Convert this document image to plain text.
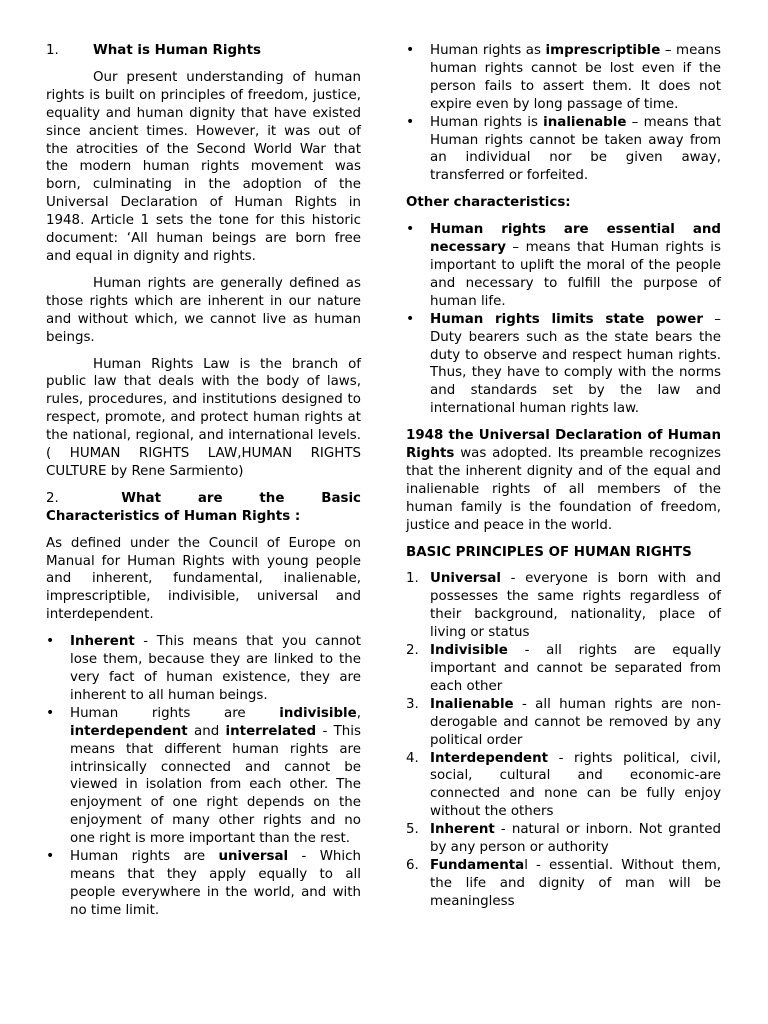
1.	What is Human Rights

Our present understanding of human rights is built on principles of freedom, justice, equality and human dignity that have existed since ancient times. However, it was out of the atrocities of the Second World War that the modern human rights movement was born, culminating in the adoption of the Universal Declaration of Human Rights in 1948. Article 1 sets the tone for this historic document: ‘All human beings are born free and equal in dignity and rights.

Human rights are generally defined as those rights which are inherent in our nature and without which, we cannot live as human beings.

Human Rights Law is the branch of public law that deals with the body of laws, rules, procedures, and institutions designed to respect, promote, and protect human rights at the national, regional, and international levels. ( HUMAN RIGHTS LAW,HUMAN RIGHTS CULTURE by Rene Sarmiento)

2.	What are the Basic
Characteristics of Human Rights :

As defined under the Council of Europe on Manual for Human Rights with young people and inherent, fundamental, inalienable, imprescriptible, indivisible, universal and interdependent.

•	Inherent - This means that you cannot lose them, because they are linked to the very fact of human existence, they are inherent to all human beings.
•	Human rights are indivisible, interdependent and interrelated - This means that different human rights are intrinsically connected and cannot be viewed in isolation from each other. The enjoyment of one right depends on the enjoyment of many other rights and no one right is more important than the rest.
•	Human rights are universal - Which means that they apply equally to all people everywhere in the world, and with no time limit.
•	Human rights as imprescriptible – means human rights cannot be lost even if the person fails to assert them. It does not expire even by long passage of time.
•	Human rights is inalienable – means that Human rights cannot be taken away from an individual nor be given away, transferred or forfeited.
Other characteristics:
•	Human rights are essential and necessary – means that Human rights is important to uplift the moral of the people and necessary to fulfill the purpose of human life.
•	Human rights limits state power – Duty bearers such as the state bears the duty to observe and respect human rights. Thus, they have to comply with the norms and standards set by the law and international human rights law.

1948 the Universal Declaration of Human Rights was adopted. Its preamble recognizes that the inherent dignity and of the equal and inalienable rights of all members of the human family is the foundation of freedom, justice and peace in the world.

BASIC PRINCIPLES OF HUMAN RIGHTS
1. Universal - everyone is born with and possesses the same rights regardless of their background, nationality, place of living or status
2. Indivisible - all rights are equally important and cannot be separated from each other
3. Inalienable - all human rights are non-derogable and cannot be removed by any political order
4. Interdependent - rights political, civil, social, cultural and economic-are connected and none can be fully enjoy without the others
5. Inherent - natural or inborn. Not granted by any person or authority
6. Fundamental - essential. Without them, the life and dignity of man will be meaningless
